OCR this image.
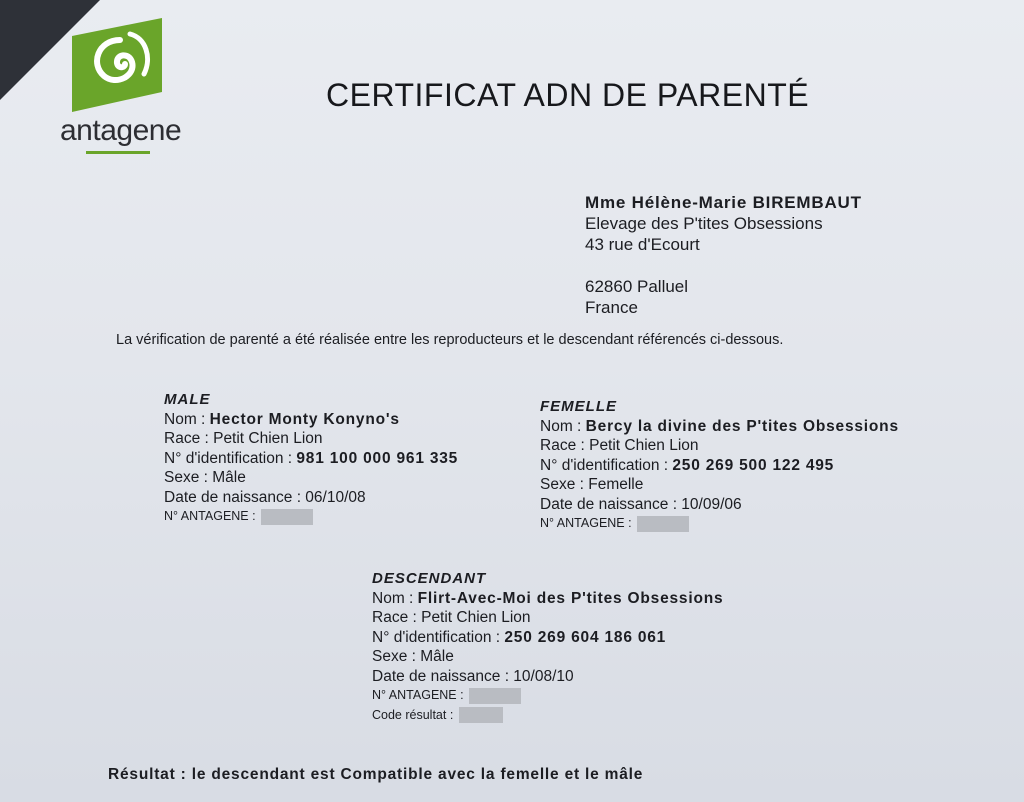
antagene
CERTIFICAT ADN DE PARENTÉ
Mme Hélène-Marie BIREMBAUT
Elevage des P'tites Obsessions
43 rue d'Ecourt
62860 Palluel
France
La vérification de parenté a été réalisée entre les reproducteurs et le descendant référencés ci-dessous.
MALE
Nom : Hector Monty Konyno's
Race : Petit Chien Lion
N° d'identification : 981 100 000 961 335
Sexe : Mâle
Date de naissance : 06/10/08
N° ANTAGENE :
FEMELLE
Nom : Bercy la divine des P'tites Obsessions
Race : Petit Chien Lion
N° d'identification : 250 269 500 122 495
Sexe : Femelle
Date de naissance : 10/09/06
N° ANTAGENE :
DESCENDANT
Nom : Flirt-Avec-Moi des P'tites Obsessions
Race : Petit Chien Lion
N° d'identification : 250 269 604 186 061
Sexe : Mâle
Date de naissance : 10/08/10
N° ANTAGENE :
Code résultat :
Résultat : le descendant est Compatible avec la femelle et le mâle
